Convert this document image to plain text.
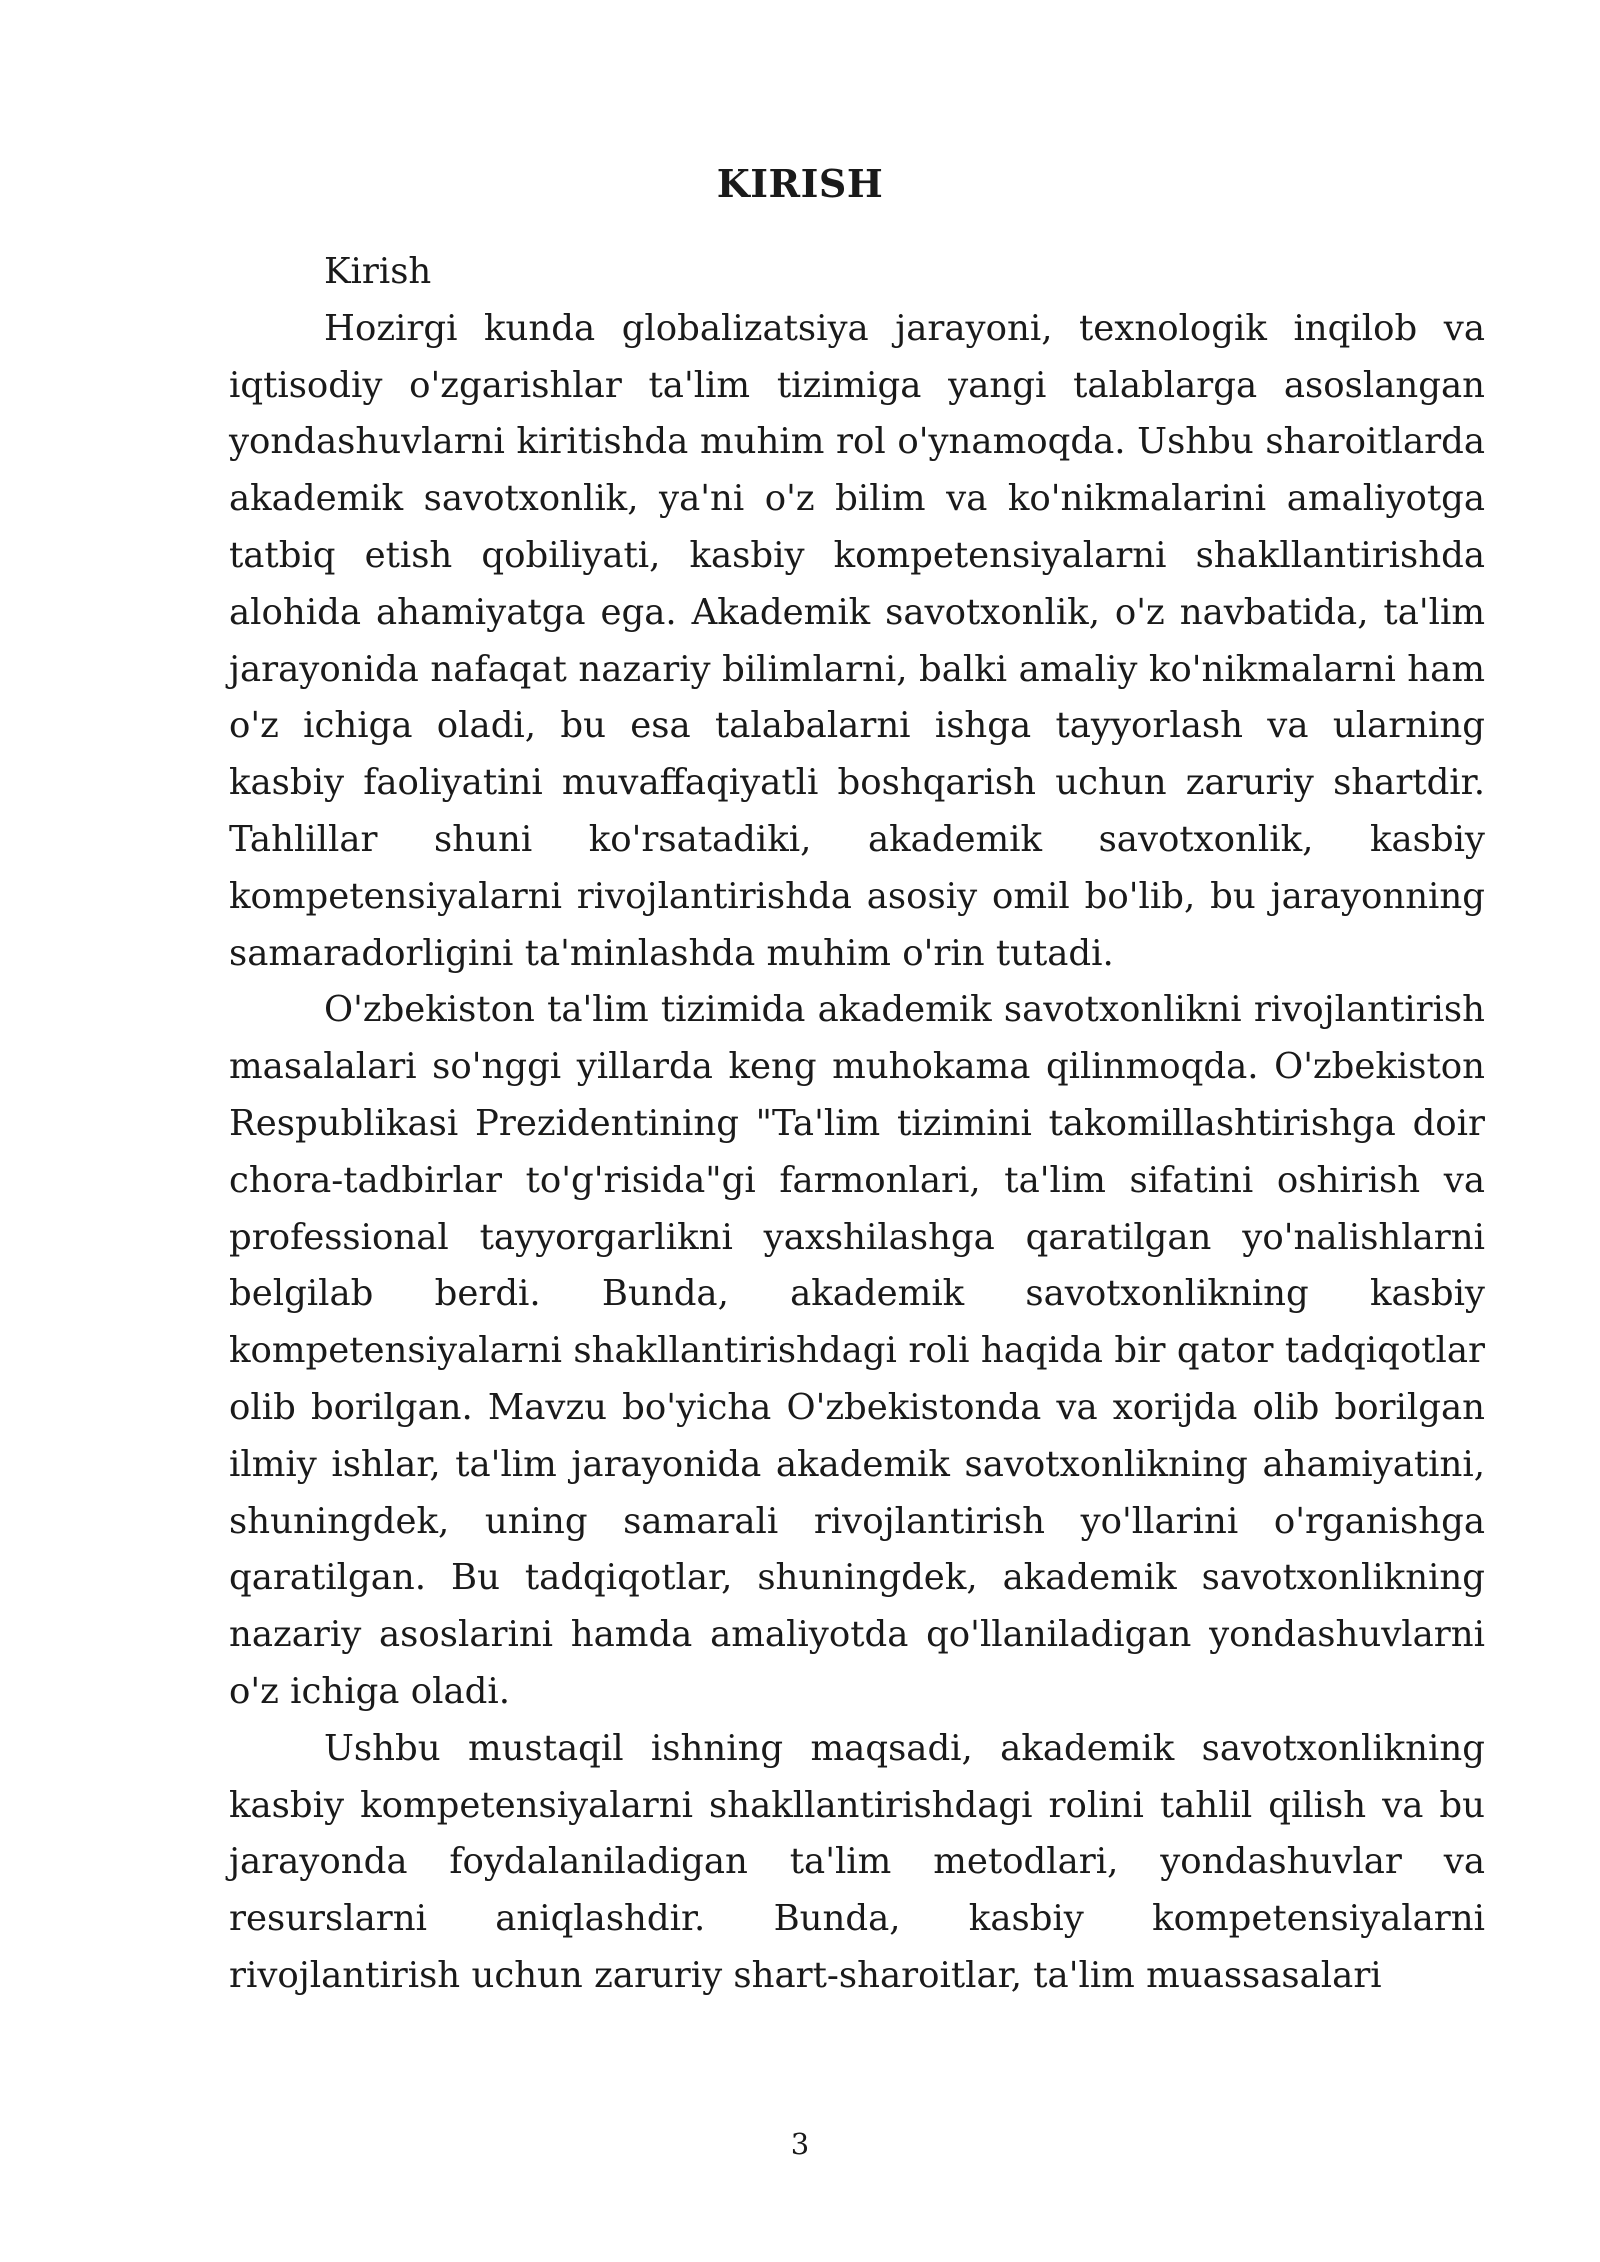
KIRISH

Kirish

Hozirgi kunda globalizatsiya jarayoni, texnologik inqilob va iqtisodiy o'zgarishlar ta'lim tizimiga yangi talablarga asoslangan yondashuvlarni kiritishda muhim rol o'ynamoqda. Ushbu sharoitlarda akademik savotxonlik, ya'ni o'z bilim va ko'nikmalarini amaliyotga tatbiq etish qobiliyati, kasbiy kompetensiyalarni shakllantirishda alohida ahamiyatga ega. Akademik savotxonlik, o'z navbatida, ta'lim jarayonida nafaqat nazariy bilimlarni, balki amaliy ko'nikmalarni ham o'z ichiga oladi, bu esa talabalarni ishga tayyorlash va ularning kasbiy faoliyatini muvaffaqiyatli boshqarish uchun zaruriy shartdir. Tahlillar shuni ko'rsatadiki, akademik savotxonlik, kasbiy kompetensiyalarni rivojlantirishda asosiy omil bo'lib, bu jarayonning samaradorligini ta'minlashda muhim o'rin tutadi.

O'zbekiston ta'lim tizimida akademik savotxonlikni rivojlantirish masalalari so'nggi yillarda keng muhokama qilinmoqda. O'zbekiston Respublikasi Prezidentining "Ta'lim tizimini takomillashtirishga doir chora-tadbirlar to'g'risida"gi farmonlari, ta'lim sifatini oshirish va professional tayyorgarlikni yaxshilashga qaratilgan yo'nalishlarni belgilab berdi. Bunda, akademik savotxonlikning kasbiy kompetensiyalarni shakllantirishdagi roli haqida bir qator tadqiqotlar olib borilgan. Mavzu bo'yicha O'zbekistonda va xorijda olib borilgan ilmiy ishlar, ta'lim jarayonida akademik savotxonlikning ahamiyatini, shuningdek, uning samarali rivojlantirish yo'llarini o'rganishga qaratilgan. Bu tadqiqotlar, shuningdek, akademik savotxonlikning nazariy asoslarini hamda amaliyotda qo'llaniladigan yondashuvlarni o'z ichiga oladi.

Ushbu mustaqil ishning maqsadi, akademik savotxonlikning kasbiy kompetensiyalarni shakllantirishdagi rolini tahlil qilish va bu jarayonda foydalaniladigan ta'lim metodlari, yondashuvlar va resurslarni aniqlashdir. Bunda, kasbiy kompetensiyalarni rivojlantirish uchun zaruriy shart-sharoitlar, ta'lim muassasalari

3
